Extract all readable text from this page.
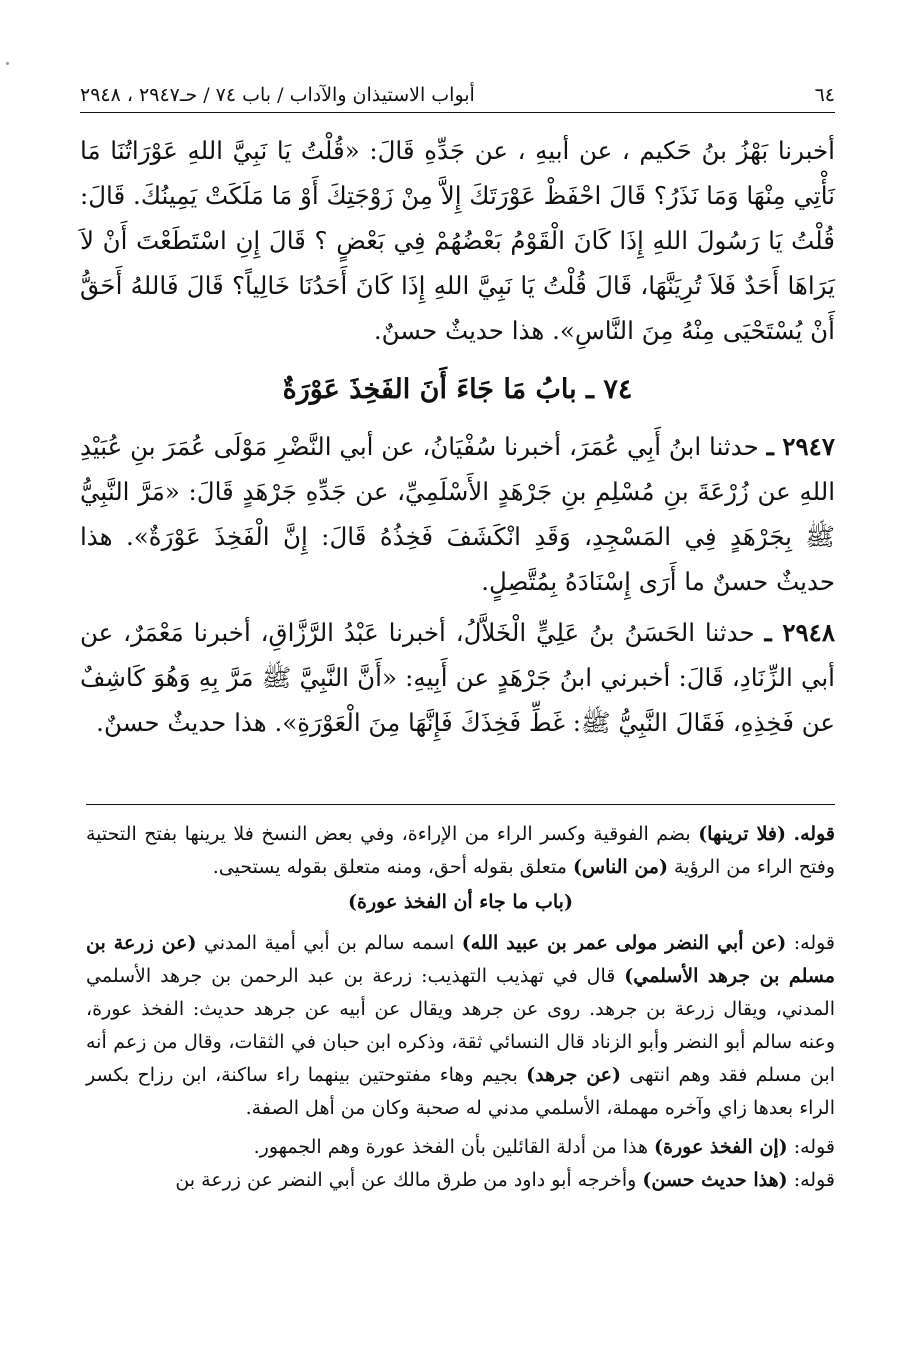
٦٤
أبواب الاستيذان والآداب / باب ٧٤ / حـ٢٩٤٧ ، ٢٩٤٨

أخبرنا بَهْزُ بنُ حَكيم ، عن أبيهِ ، عن جَدِّهِ قَالَ: «قُلْتُ يَا نَبِيَّ اللهِ عَوْرَاتُنَا مَا نَأْتِي مِنْهَا وَمَا نَذَرُ؟ قَالَ احْفَظْ عَوْرَتَكَ إِلاَّ مِنْ زَوْجَتِكَ أَوْ مَا مَلَكَتْ يَمِينُكَ. قَالَ: قُلْتُ يَا رَسُولَ اللهِ إِذَا كَانَ الْقَوْمُ بَعْضُهُمْ فِي بَعْضٍ ؟ قَالَ إِنِ اسْتَطَعْتَ أَنْ لاَ يَرَاهَا أَحَدٌ فَلاَ تُرِيَنَّهَا، قَالَ قُلْتُ يَا نَبِيَّ اللهِ إِذَا كَانَ أَحَدُنَا خَالِياً؟ قَالَ فَاللهُ أَحَقُّ أَنْ يُسْتَحْيَى مِنْهُ مِنَ النَّاسِ». هذا حديثٌ حسنٌ.

٧٤ ـ بابُ مَا جَاءَ أَنَ الفَخِذَ عَوْرَةٌ

٢٩٤٧ ـ حدثنا ابنُ أَبِي عُمَرَ، أخبرنا سُفْيَانُ، عن أبي النَّضْرِ مَوْلَى عُمَرَ بنِ عُبَيْدِ اللهِ عن زُرْعَةَ بنِ مُسْلِمِ بنِ جَرْهَدٍ الأَسْلَمِيِّ، عن جَدِّهِ جَرْهَدٍ قَالَ: «مَرَّ النَّبِيُّ ﷺ بِجَرْهَدٍ فِي المَسْجِدِ، وَقَدِ انْكَشَفَ فَخِذُهُ قَالَ: إِنَّ الْفَخِذَ عَوْرَةٌ». هذا حديثٌ حسنٌ ما أَرَى إِسْنَادَهُ بِمُتَّصِلٍ.

٢٩٤٨ ـ حدثنا الحَسَنُ بنُ عَلِيٍّ الْخَلاَّلُ، أخبرنا عَبْدُ الرَّزَّاقِ، أخبرنا مَعْمَرٌ، عن أبي الزِّنَادِ، قَالَ: أخبرني ابنُ جَرْهَدٍ عن أَبِيهِ: «أَنَّ النَّبِيَّ ﷺ مَرَّ بِهِ وَهُوَ كَاشِفٌ عن فَخِذِهِ، فَقَالَ النَّبِيُّ ﷺ: غَطِّ فَخِذَكَ فَإِنَّهَا مِنَ الْعَوْرَةِ». هذا حديثٌ حسنٌ.

قوله. (فلا ترينها) بضم الفوقية وكسر الراء من الإراءة، وفي بعض النسخ فلا يرينها بفتح التحتية وفتح الراء من الرؤية (من الناس) متعلق بقوله أحق، ومنه متعلق بقوله يستحيى.

(باب ما جاء أن الفخذ عورة)

قوله: (عن أبي النضر مولى عمر بن عبيد الله) اسمه سالم بن أبي أمية المدني (عن زرعة بن مسلم بن جرهد الأسلمي) قال في تهذيب التهذيب: زرعة بن عبد الرحمن بن جرهد الأسلمي المدني، ويقال زرعة بن جرهد. روى عن جرهد ويقال عن أبيه عن جرهد حديث: الفخذ عورة، وعنه سالم أبو النضر وأبو الزناد قال النسائي ثقة، وذكره ابن حبان في الثقات، وقال من زعم أنه ابن مسلم فقد وهم انتهى (عن جرهد) بجيم وهاء مفتوحتين بينهما راء ساكنة، ابن رزاح بكسر الراء بعدها زاي وآخره مهملة، الأسلمي مدني له صحبة وكان من أهل الصفة.

قوله: (إن الفخذ عورة) هذا من أدلة القائلين بأن الفخذ عورة وهم الجمهور.

قوله: (هذا حديث حسن) وأخرجه أبو داود من طرق مالك عن أبي النضر عن زرعة بن
